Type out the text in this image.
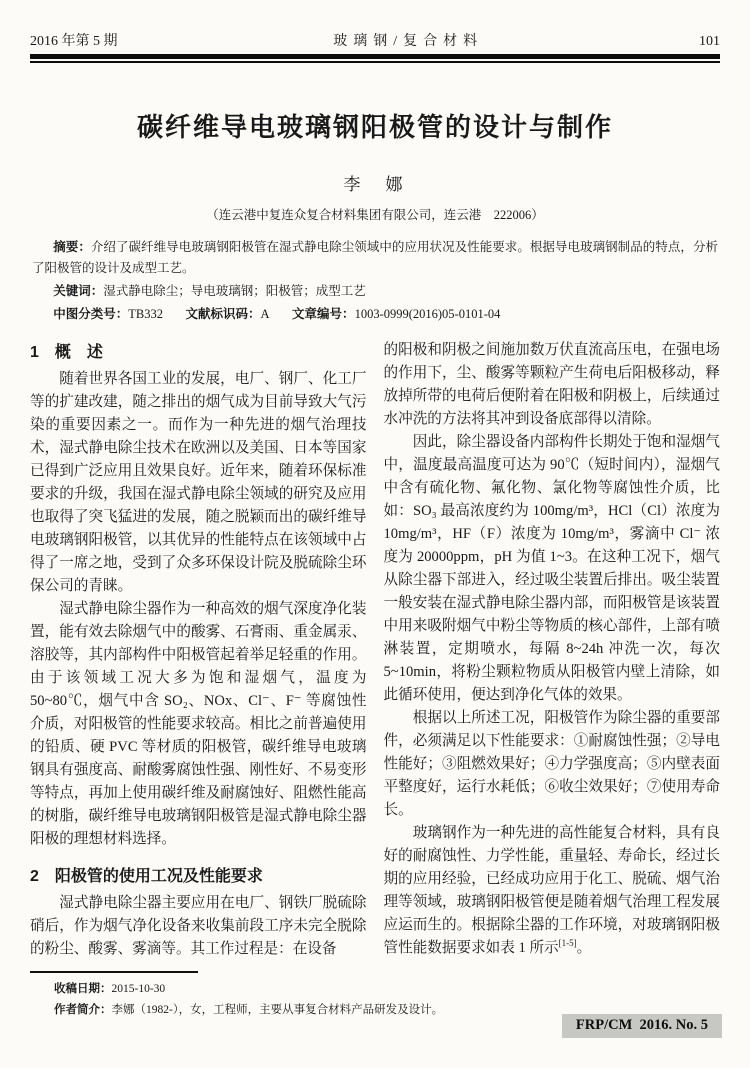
2016 年第 5 期	玻璃钢/复合材料	101
碳纤维导电玻璃钢阳极管的设计与制作
李　娜
（连云港中复连众复合材料集团有限公司，连云港　222006）

摘要：介绍了碳纤维导电玻璃钢阳极管在湿式静电除尘领域中的应用状况及性能要求。根据导电玻璃钢制品的特点，分析了阳极管的设计及成型工艺。

关键词：湿式静电除尘；导电玻璃钢；阳极管；成型工艺

中图分类号：TB332 文献标识码：A 文章编号：1003-0999(2016)05-0101-04

1　概　述

随着世界各国工业的发展，电厂、钢厂、化工厂等的扩建改建，随之排出的烟气成为目前导致大气污染的重要因素之一。而作为一种先进的烟气治理技术，湿式静电除尘技术在欧洲以及美国、日本等国家已得到广泛应用且效果良好。近年来，随着环保标准要求的升级，我国在湿式静电除尘领域的研究及应用也取得了突飞猛进的发展，随之脱颖而出的碳纤维导电玻璃钢阳极管，以其优异的性能特点在该领域中占得了一席之地，受到了众多环保设计院及脱硫除尘环保公司的青睐。

湿式静电除尘器作为一种高效的烟气深度净化装置，能有效去除烟气中的酸雾、石膏雨、重金属汞、溶胶等，其内部构件中阳极管起着举足轻重的作用。由于该领域工况大多为饱和湿烟气，温度为 50~80℃，烟气中含 SO₂、NOx、Cl⁻、F⁻ 等腐蚀性介质，对阳极管的性能要求较高。相比之前普遍使用的铅质、硬 PVC 等材质的阳极管，碳纤维导电玻璃钢具有强度高、耐酸雾腐蚀性强、刚性好、不易变形等特点，再加上使用碳纤维及耐腐蚀好、阻燃性能高的树脂，碳纤维导电玻璃钢阳极管是湿式静电除尘器阳极的理想材料选择。

2　阳极管的使用工况及性能要求

湿式静电除尘器主要应用在电厂、钢铁厂脱硫除硝后，作为烟气净化设备来收集前段工序未完全脱除的粉尘、酸雾、雾滴等。其工作过程是：在设备

的阳极和阴极之间施加数万伏直流高压电，在强电场的作用下，尘、酸雾等颗粒产生荷电后阳极移动，释放掉所带的电荷后便附着在阳极和阴极上，后续通过水冲洗的方法将其冲到设备底部得以清除。

因此，除尘器设备内部构件长期处于饱和湿烟气中，温度最高温度可达为 90℃（短时间内），湿烟气中含有硫化物、氟化物、氯化物等腐蚀性介质，比如：SO₃ 最高浓度约为 100mg/m³，HCl（Cl）浓度为 10mg/m³，HF（F）浓度为 10mg/m³，雾滴中 Cl⁻ 浓度为 20000ppm，pH 为值 1~3。在这种工况下，烟气从除尘器下部进入，经过吸尘装置后排出。吸尘装置一般安装在湿式静电除尘器内部，而阳极管是该装置中用来吸附烟气中粉尘等物质的核心部件，上部有喷淋装置，定期喷水，每隔 8~24h 冲洗一次，每次 5~10min，将粉尘颗粒物质从阳极管内壁上清除，如此循环使用，便达到净化气体的效果。

根据以上所述工况，阳极管作为除尘器的重要部件，必须满足以下性能要求：①耐腐蚀性强；②导电性能好；③阻燃效果好；④力学强度高；⑤内壁表面平整度好，运行水耗低；⑥收尘效果好；⑦使用寿命长。

玻璃钢作为一种先进的高性能复合材料，具有良好的耐腐蚀性、力学性能，重量轻、寿命长，经过长期的应用经验，已经成功应用于化工、脱硫、烟气治理等领域，玻璃钢阳极管便是随着烟气治理工程发展应运而生的。根据除尘器的工作环境，对玻璃钢阳极管性能数据要求如表 1 所示[1-5]。

收稿日期：2015-10-30

作者简介：李娜（1982-），女，工程师，主要从事复合材料产品研发及设计。

FRP/CM  2016. No. 5
